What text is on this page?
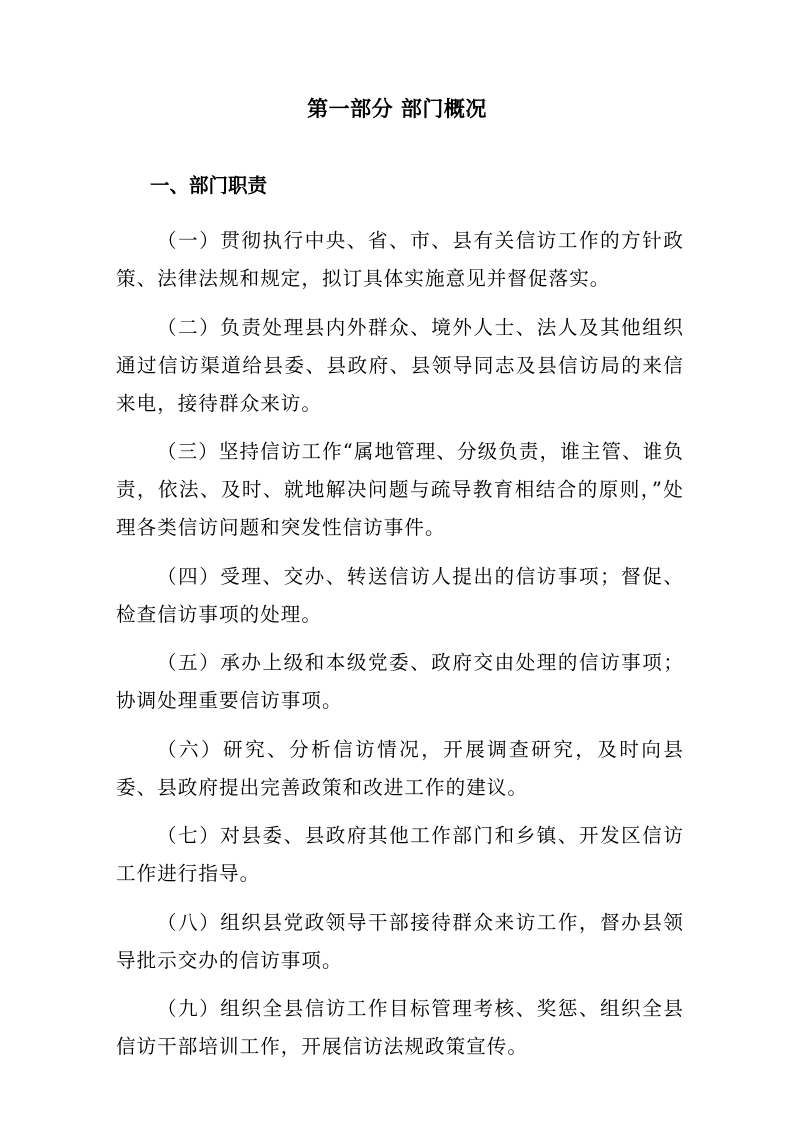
第一部分 部门概况
一、部门职责

（一）贯彻执行中央、省、市、县有关信访工作的方针政策、法律法规和规定，拟订具体实施意见并督促落实。

（二）负责处理县内外群众、境外人士、法人及其他组织通过信访渠道给县委、县政府、县领导同志及县信访局的来信来电，接待群众来访。

（三）坚持信访工作“属地管理、分级负责，谁主管、谁负责，依法、及时、就地解决问题与疏导教育相结合的原则，”处理各类信访问题和突发性信访事件。

（四）受理、交办、转送信访人提出的信访事项；督促、检查信访事项的处理。

（五）承办上级和本级党委、政府交由处理的信访事项；协调处理重要信访事项。

（六）研究、分析信访情况，开展调查研究，及时向县委、县政府提出完善政策和改进工作的建议。

（七）对县委、县政府其他工作部门和乡镇、开发区信访工作进行指导。

（八）组织县党政领导干部接待群众来访工作，督办县领导批示交办的信访事项。

（九）组织全县信访工作目标管理考核、奖惩、组织全县信访干部培训工作，开展信访法规政策宣传。
